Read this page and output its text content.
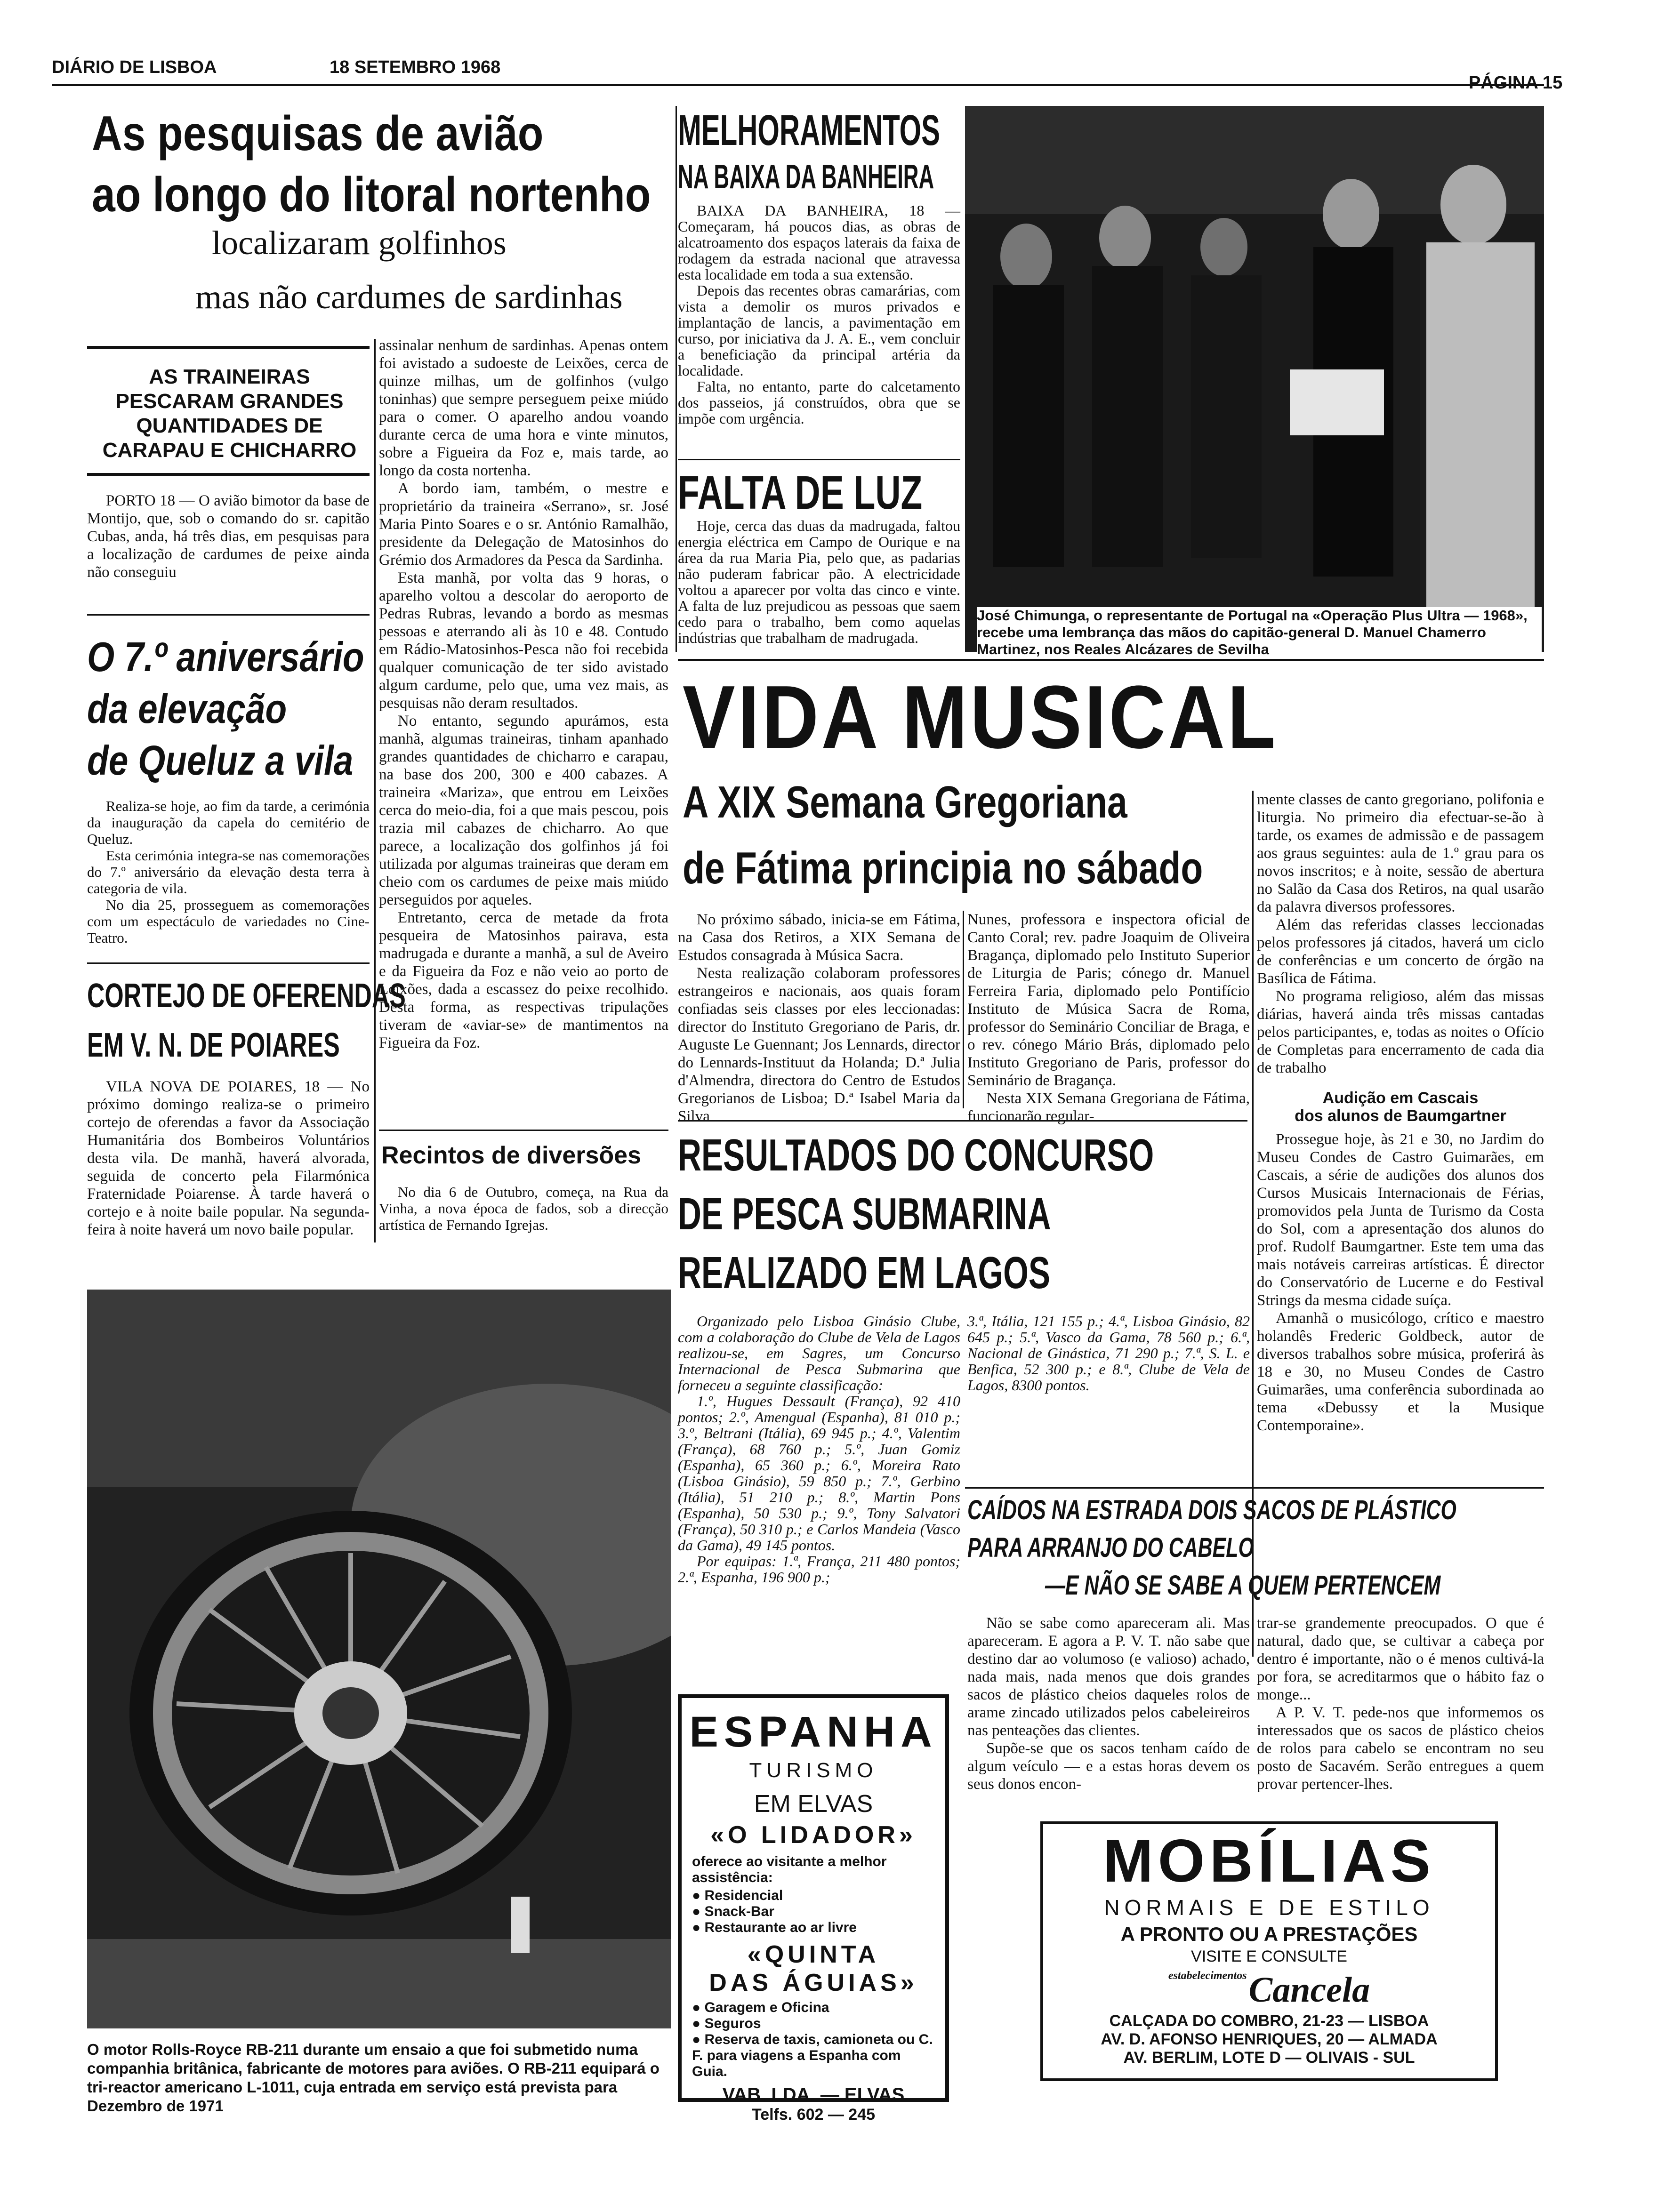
DIÁRIO DE LISBOA	18 SETEMBRO 1968
PÁGINA 15
As pesquisas de avião
ao longo do litoral nortenho
localizaram golfinhos
mas não cardumes de sardinhas
AS TRAINEIRAS PESCARAM GRANDES QUANTIDADES DE CARAPAU E CHICHARRO

PORTO 18 — O avião bimotor da base de Montijo, que, sob o comando do sr. capitão Cubas, anda, há três dias, em pesquisas para a localização de cardumes de peixe ainda não conseguiu

assinalar nenhum de sardinhas. Apenas ontem foi avistado a sudoeste de Leixões, cerca de quinze milhas, um de golfinhos (vulgo toninhas) que sempre perseguem peixe miúdo para o comer. O aparelho andou voando durante cerca de uma hora e vinte minutos, sobre a Figueira da Foz e, mais tarde, ao longo da costa nortenha.

A bordo iam, também, o mestre e proprietário da traineira «Serrano», sr. José Maria Pinto Soares e o sr. António Ramalhão, presidente da Delegação de Matosinhos do Grémio dos Armadores da Pesca da Sardinha.

Esta manhã, por volta das 9 horas, o aparelho voltou a descolar do aeroporto de Pedras Rubras, levando a bordo as mesmas pessoas e aterrando ali às 10 e 48. Contudo em Rádio-Matosinhos-Pesca não foi recebida qualquer comunicação de ter sido avistado algum cardume, pelo que, uma vez mais, as pesquisas não deram resultados.

No entanto, segundo apurámos, esta manhã, algumas traineiras, tinham apanhado grandes quantidades de chicharro e carapau, na base dos 200, 300 e 400 cabazes. A traineira «Mariza», que entrou em Leixões cerca do meio-dia, foi a que mais pescou, pois trazia mil cabazes de chicharro. Ao que parece, a localização dos golfinhos já foi utilizada por algumas traineiras que deram em cheio com os cardumes de peixe mais miúdo perseguidos por aqueles.

Entretanto, cerca de metade da frota pesqueira de Matosinhos pairava, esta madrugada e durante a manhã, a sul de Aveiro e da Figueira da Foz e não veio ao porto de Leixões, dada a escassez do peixe recolhido. Desta forma, as respectivas tripulações tiveram de «aviar-se» de mantimentos na Figueira da Foz.

O 7.º aniversário
da elevação
de Queluz a vila

Realiza-se hoje, ao fim da tarde, a cerimónia da inauguração da capela do cemitério de Queluz.

Esta cerimónia integra-se nas comemorações do 7.º aniversário da elevação desta terra à categoria de vila.

No dia 25, prosseguem as comemorações com um espectáculo de variedades no Cine-Teatro.

CORTEJO DE OFERENDAS
EM V. N. DE POIARES

VILA NOVA DE POIARES, 18 — No próximo domingo realiza-se o primeiro cortejo de oferendas a favor da Associação Humanitária dos Bombeiros Voluntários desta vila. De manhã, haverá alvorada, seguida de concerto pela Filarmónica Fraternidade Poiarense. À tarde haverá o cortejo e à noite baile popular. Na segunda-feira à noite haverá um novo baile popular.

Recintos de diversões

No dia 6 de Outubro, começa, na Rua da Vinha, a nova época de fados, sob a direcção artística de Fernando Igrejas.

O motor Rolls-Royce RB-211 durante um ensaio a que foi submetido numa companhia britânica, fabricante de motores para aviões. O RB-211 equipará o tri-reactor americano L-1011, cuja entrada em serviço está prevista para Dezembro de 1971
MELHORAMENTOS
NA BAIXA DA BANHEIRA

BAIXA DA BANHEIRA, 18 — Começaram, há poucos dias, as obras de alcatroamento dos espaços laterais da faixa de rodagem da estrada nacional que atravessa esta localidade em toda a sua extensão.

Depois das recentes obras camarárias, com vista a demolir os muros privados e implantação de lancis, a pavimentação em curso, por iniciativa da J. A. E., vem concluir a beneficiação da principal artéria da localidade.

Falta, no entanto, parte do calcetamento dos passeios, já construídos, obra que se impõe com urgência.

FALTA DE LUZ

Hoje, cerca das duas da madrugada, faltou energia eléctrica em Campo de Ourique e na área da rua Maria Pia, pelo que, as padarias não puderam fabricar pão. A electricidade voltou a aparecer por volta das cinco e vinte. A falta de luz prejudicou as pessoas que saem cedo para o trabalho, bem como aquelas indústrias que trabalham de madrugada.

José Chimunga, o representante de Portugal na «Operação Plus Ultra — 1968», recebe uma lembrança das mãos do capitão-general D. Manuel Chamerro Martinez, nos Reales Alcázares de Sevilha
VIDA MUSICAL
A XIX Semana Gregoriana
de Fátima principia no sábado

No próximo sábado, inicia-se em Fátima, na Casa dos Retiros, a XIX Semana de Estudos consagrada à Música Sacra.

Nesta realização colaboram professores estrangeiros e nacionais, aos quais foram confiadas seis classes por eles leccionadas: director do Instituto Gregoriano de Paris, dr. Auguste Le Guennant; Jos Lennards, director do Lennards-Instituut da Holanda; D.ª Julia d'Almendra, directora do Centro de Estudos Gregorianos de Lisboa; D.ª Isabel Maria da Silva

Nunes, professora e inspectora oficial de Canto Coral; rev. padre Joaquim de Oliveira Bragança, diplomado pelo Instituto Superior de Liturgia de Paris; cónego dr. Manuel Ferreira Faria, diplomado pelo Pontifício Instituto de Música Sacra de Roma, professor do Seminário Conciliar de Braga, e o rev. cónego Mário Brás, diplomado pelo Instituto Gregoriano de Paris, professor do Seminário de Bragança.

Nesta XIX Semana Gregoriana de Fátima, funcionarão regular-

mente classes de canto gregoriano, polifonia e liturgia. No primeiro dia efectuar-se-ão à tarde, os exames de admissão e de passagem aos graus seguintes: aula de 1.º grau para os novos inscritos; e à noite, sessão de abertura no Salão da Casa dos Retiros, na qual usarão da palavra diversos professores.

Além das referidas classes leccionadas pelos professores já citados, haverá um ciclo de conferências e um concerto de órgão na Basílica de Fátima.

No programa religioso, além das missas diárias, haverá ainda três missas cantadas pelos participantes, e, todas as noites o Ofício de Completas para encerramento de cada dia de trabalho

Audição em Cascais
dos alunos de Baumgartner

Prossegue hoje, às 21 e 30, no Jardim do Museu Condes de Castro Guimarães, em Cascais, a série de audições dos alunos dos Cursos Musicais Internacionais de Férias, promovidos pela Junta de Turismo da Costa do Sol, com a apresentação dos alunos do prof. Rudolf Baumgartner. Este tem uma das mais notáveis carreiras artísticas. É director do Conservatório de Lucerne e do Festival Strings da mesma cidade suíça.

Amanhã o musicólogo, crítico e maestro holandês Frederic Goldbeck, autor de diversos trabalhos sobre música, proferirá às 18 e 30, no Museu Condes de Castro Guimarães, uma conferência subordinada ao tema «Debussy et la Musique Contemporaine».

RESULTADOS DO CONCURSO
DE PESCA SUBMARINA
REALIZADO EM LAGOS

Organizado pelo Lisboa Ginásio Clube, com a colaboração do Clube de Vela de Lagos realizou-se, em Sagres, um Concurso Internacional de Pesca Submarina que forneceu a seguinte classificação:

1.º, Hugues Dessault (França), 92 410 pontos; 2.º, Amengual (Espanha), 81 010 p.; 3.º, Beltrani (Itália), 69 945 p.; 4.º, Valentim (França), 68 760 p.; 5.º, Juan Gomiz (Espanha), 65 360 p.; 6.º, Moreira Rato (Lisboa Ginásio), 59 850 p.; 7.º, Gerbino (Itália), 51 210 p.; 8.º, Martin Pons (Espanha), 50 530 p.; 9.º, Tony Salvatori (França), 50 310 p.; e Carlos Mandeia (Vasco da Gama), 49 145 pontos.

Por equipas: 1.ª, França, 211 480 pontos; 2.ª, Espanha, 196 900 p.;

3.ª, Itália, 121 155 p.; 4.ª, Lisboa Ginásio, 82 645 p.; 5.ª, Vasco da Gama, 78 560 p.; 6.ª, Nacional de Ginástica, 71 290 p.; 7.ª, S. L. e Benfica, 52 300 p.; e 8.ª, Clube de Vela de Lagos, 8300 pontos.

CAÍDOS NA ESTRADA DOIS SACOS DE PLÁSTICO
PARA ARRANJO DO CABELO
—E NÃO SE SABE A QUEM PERTENCEM

Não se sabe como apareceram ali. Mas apareceram. E agora a P. V. T. não sabe que destino dar ao volumoso (e valioso) achado, nada mais, nada menos que dois grandes sacos de plástico cheios daqueles rolos de arame zincado utilizados pelos cabeleireiros nas penteações das clientes.

Supõe-se que os sacos tenham caído de algum veículo — e a estas horas devem os seus donos encon-

trar-se grandemente preocupados. O que é natural, dado que, se cultivar a cabeça por dentro é importante, não o é menos cultivá-la por fora, se acreditarmos que o hábito faz o monge...

A P. V. T. pede-nos que informemos os interessados que os sacos de plástico cheios de rolos para cabelo se encontram no seu posto de Sacavém. Serão entregues a quem provar pertencer-lhes.

ESPANHA
TURISMO
EM ELVAS
«O LIDADOR»
oferece ao visitante a melhor assistência:
● Residencial
● Snack-Bar
● Restaurante ao ar livre
«QUINTA
DAS ÁGUIAS»
● Garagem e Oficina
● Seguros
● Reserva de taxis, camioneta ou C. F. para viagens a Espanha com Guia.
VAB. LDA. — ELVAS
Telfs. 602 — 245
MOBÍLIAS
NORMAIS E DE ESTILO
A PRONTO OU A PRESTAÇÕES
VISITE E CONSULTE
estabelecimentos Cancela
CALÇADA DO COMBRO, 21-23 — LISBOA
AV. D. AFONSO HENRIQUES, 20 — ALMADA
AV. BERLIM, LOTE D — OLIVAIS - SUL
